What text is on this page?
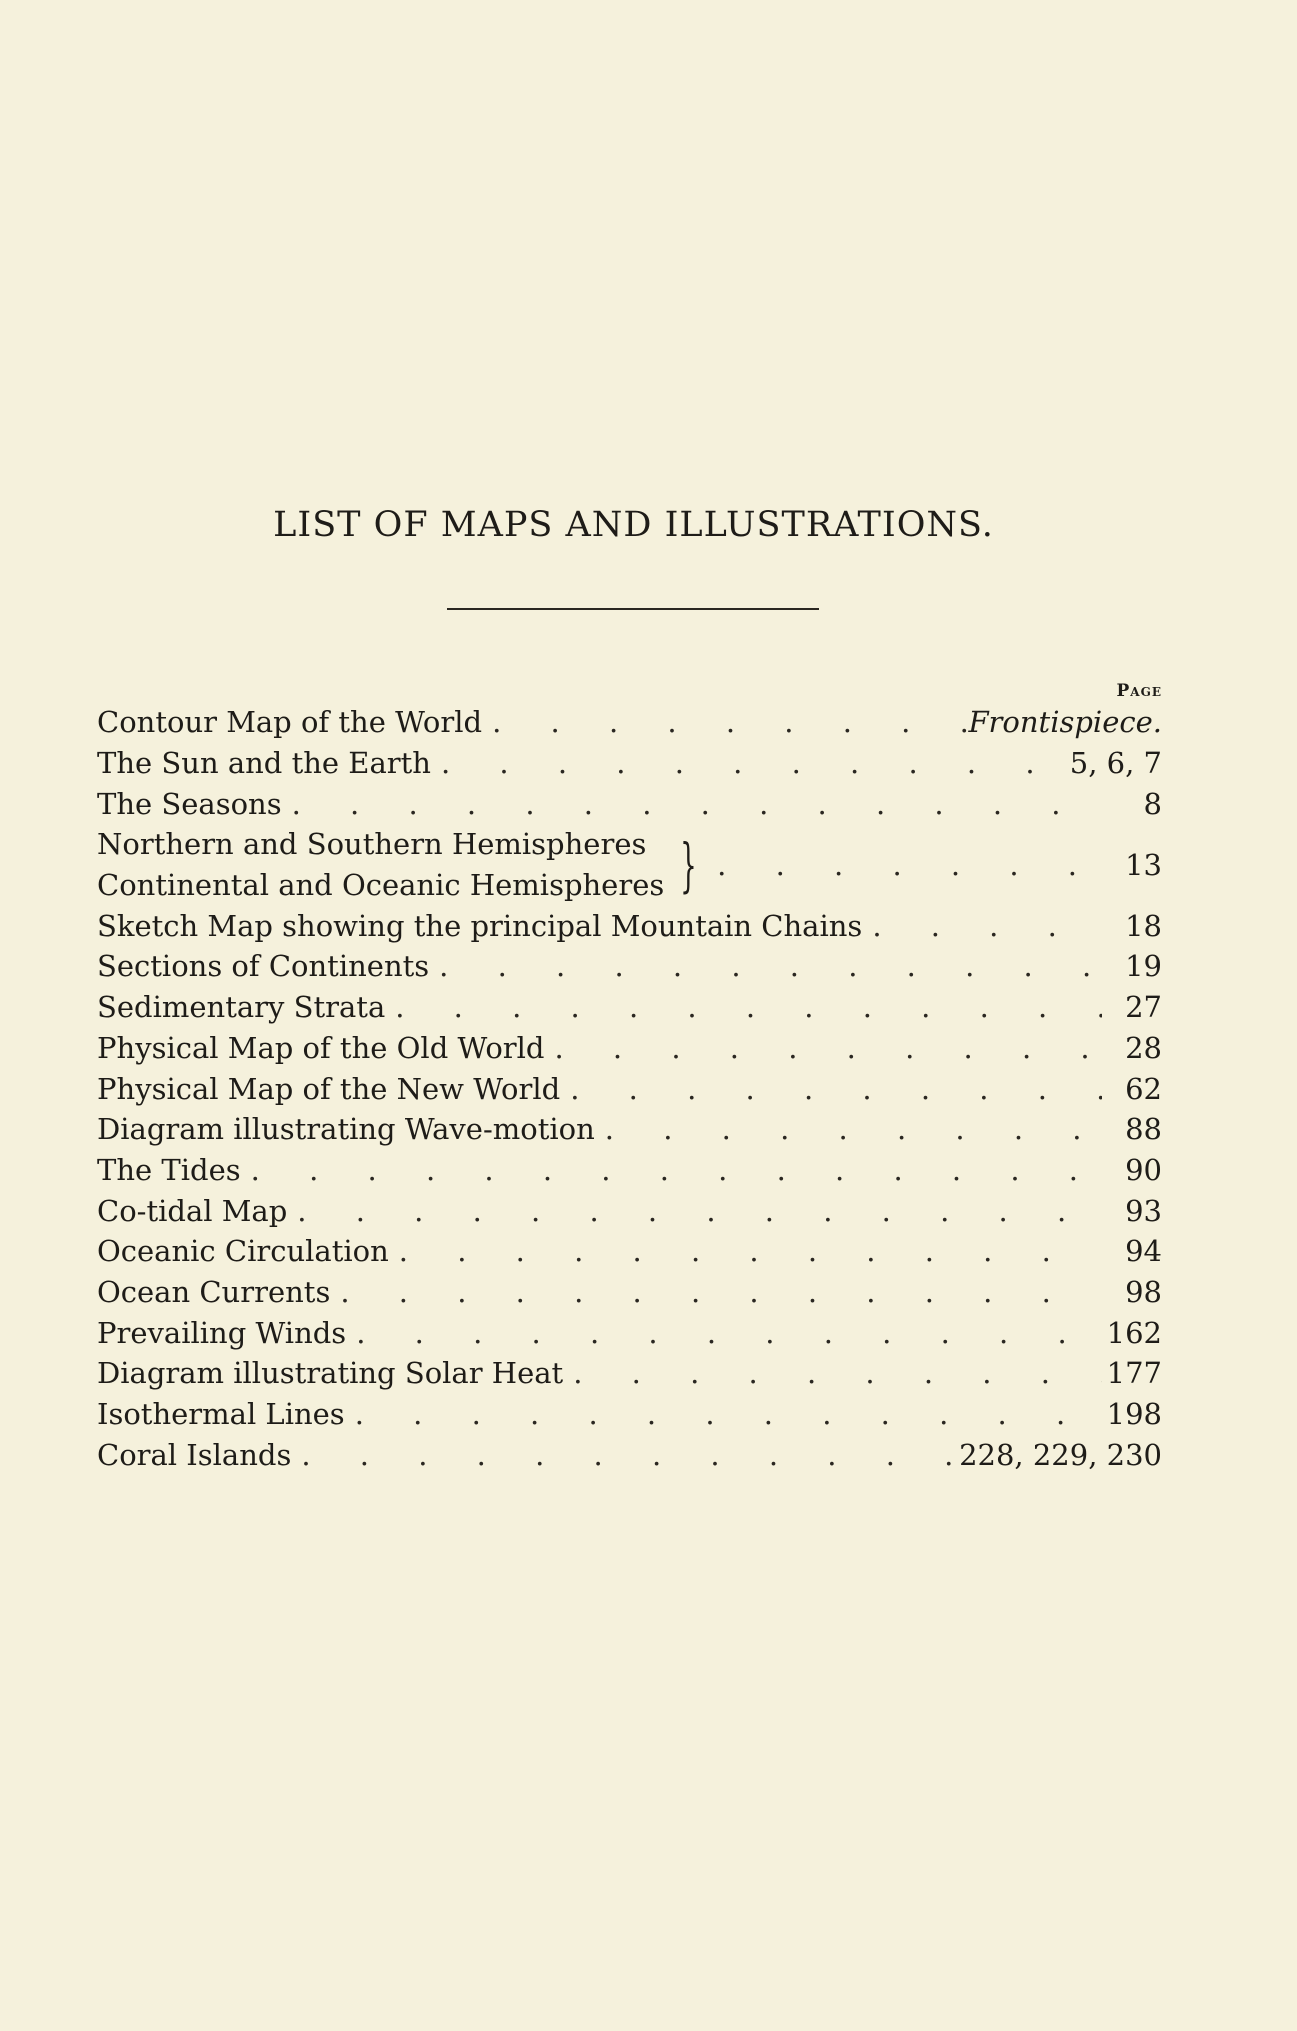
LIST OF MAPS AND ILLUSTRATIONS.
Page
Contour Map of the World . . .	Frontispiece.
The Sun and the Earth . . .	5, 6, 7
The Seasons . . .	8
Northern and Southern Hemispheres
Continental and Oceanic Hemispheres } . . .	13
Sketch Map showing the principal Mountain Chains . . .	18
Sections of Continents . . .	19
Sedimentary Strata . . .	27
Physical Map of the Old World . . .	28
Physical Map of the New World . . .	62
Diagram illustrating Wave-motion . . .	88
The Tides . . .	90
Co-tidal Map . . .	93
Oceanic Circulation . . .	94
Ocean Currents . . .	98
Prevailing Winds . . .	162
Diagram illustrating Solar Heat . . .	177
Isothermal Lines . . .	198
Coral Islands . . .	228, 229, 230
